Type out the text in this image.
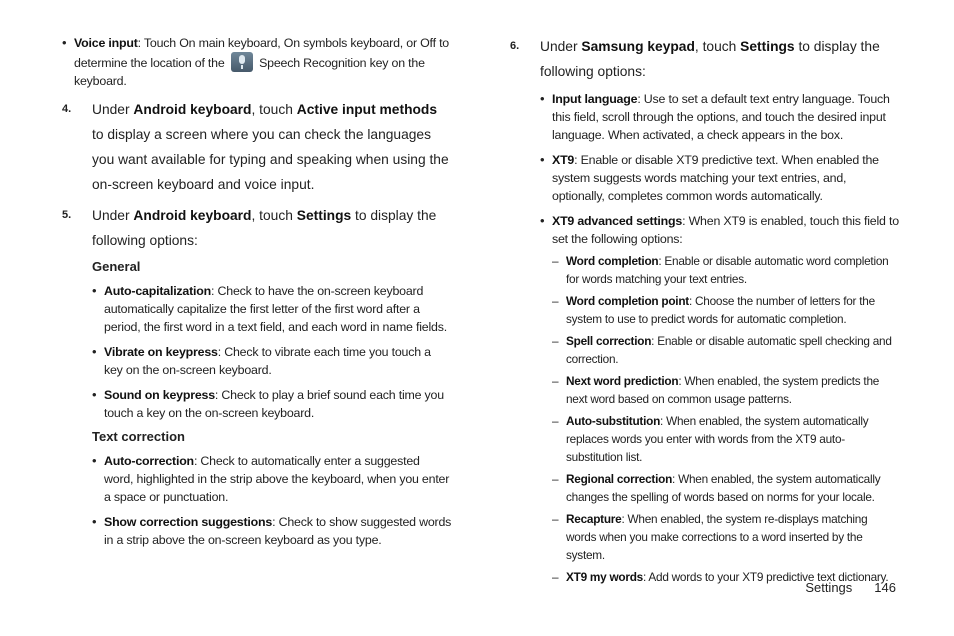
• Voice input: Touch On main keyboard, On symbols keyboard, or Off to determine the location of the	Speech Recognition key on the keyboard.
4. Under Android keyboard, touch Active input methods to display a screen where you can check the languages you want available for typing and speaking when using the on-screen keyboard and voice input.
5. Under Android keyboard, touch Settings to display the following options:
General
• Auto-capitalization: Check to have the on-screen keyboard automatically capitalize the first letter of the first word after a period, the first word in a text field, and each word in name fields.
• Vibrate on keypress: Check to vibrate each time you touch a key on the on-screen keyboard.
• Sound on keypress: Check to play a brief sound each time you touch a key on the on-screen keyboard.
Text correction
• Auto-correction: Check to automatically enter a suggested word, highlighted in the strip above the keyboard, when you enter a space or punctuation.
• Show correction suggestions: Check to show suggested words in a strip above the on-screen keyboard as you type.
6. Under Samsung keypad, touch Settings to display the following options:
• Input language: Use to set a default text entry language. Touch this field, scroll through the options, and touch the desired input language. When activated, a check appears in the box.
• XT9: Enable or disable XT9 predictive text. When enabled the system suggests words matching your text entries, and, optionally, completes common words automatically.
• XT9 advanced settings: When XT9 is enabled, touch this field to set the following options:
– Word completion: Enable or disable automatic word completion for words matching your text entries.
– Word completion point: Choose the number of letters for the system to use to predict words for automatic completion.
– Spell correction: Enable or disable automatic spell checking and correction.
– Next word prediction: When enabled, the system predicts the next word based on common usage patterns.
– Auto-substitution: When enabled, the system automatically replaces words you enter with words from the XT9 auto-substitution list.
– Regional correction: When enabled, the system automatically changes the spelling of words based on norms for your locale.
– Recapture: When enabled, the system re-displays matching words when you make corrections to a word inserted by the system.
– XT9 my words: Add words to your XT9 predictive text dictionary.
Settings 146
